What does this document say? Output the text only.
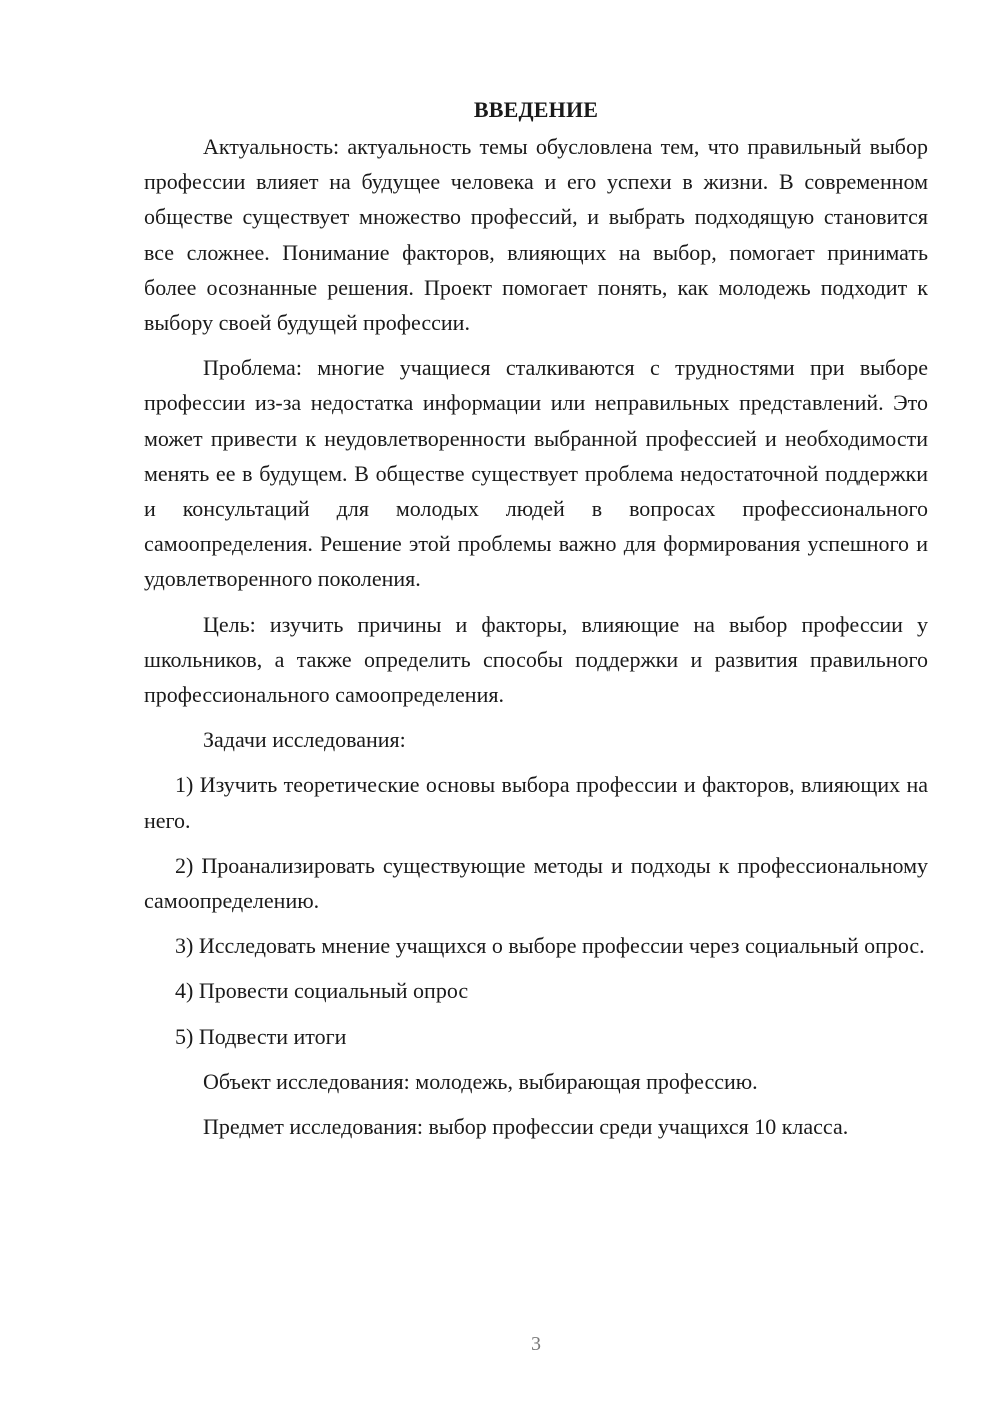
ВВЕДЕНИЕ

Актуальность: актуальность темы обусловлена тем, что правильный выбор профессии влияет на будущее человека и его успехи в жизни. В современном обществе существует множество профессий, и выбрать подходящую становится все сложнее. Понимание факторов, влияющих на выбор, помогает принимать более осознанные решения. Проект помогает понять, как молодежь подходит к выбору своей будущей профессии.

Проблема: многие учащиеся сталкиваются с трудностями при выборе профессии из-за недостатка информации или неправильных представлений. Это может привести к неудовлетворенности выбранной профессией и необходимости менять ее в будущем. В обществе существует проблема недостаточной поддержки и консультаций для молодых людей в вопросах профессионального самоопределения. Решение этой проблемы важно для формирования успешного и удовлетворенного поколения.

Цель: изучить причины и факторы, влияющие на выбор профессии у школьников, а также определить способы поддержки и развития правильного профессионального самоопределения.

Задачи исследования:

1) Изучить теоретические основы выбора профессии и факторов, влияющих на него.

2) Проанализировать существующие методы и подходы к профессиональному самоопределению.

3) Исследовать мнение учащихся о выборе профессии через социальный опрос.

4) Провести социальный опрос

5) Подвести итоги

Объект исследования: молодежь, выбирающая профессию.

Предмет исследования: выбор профессии среди учащихся 10 класса.

3
